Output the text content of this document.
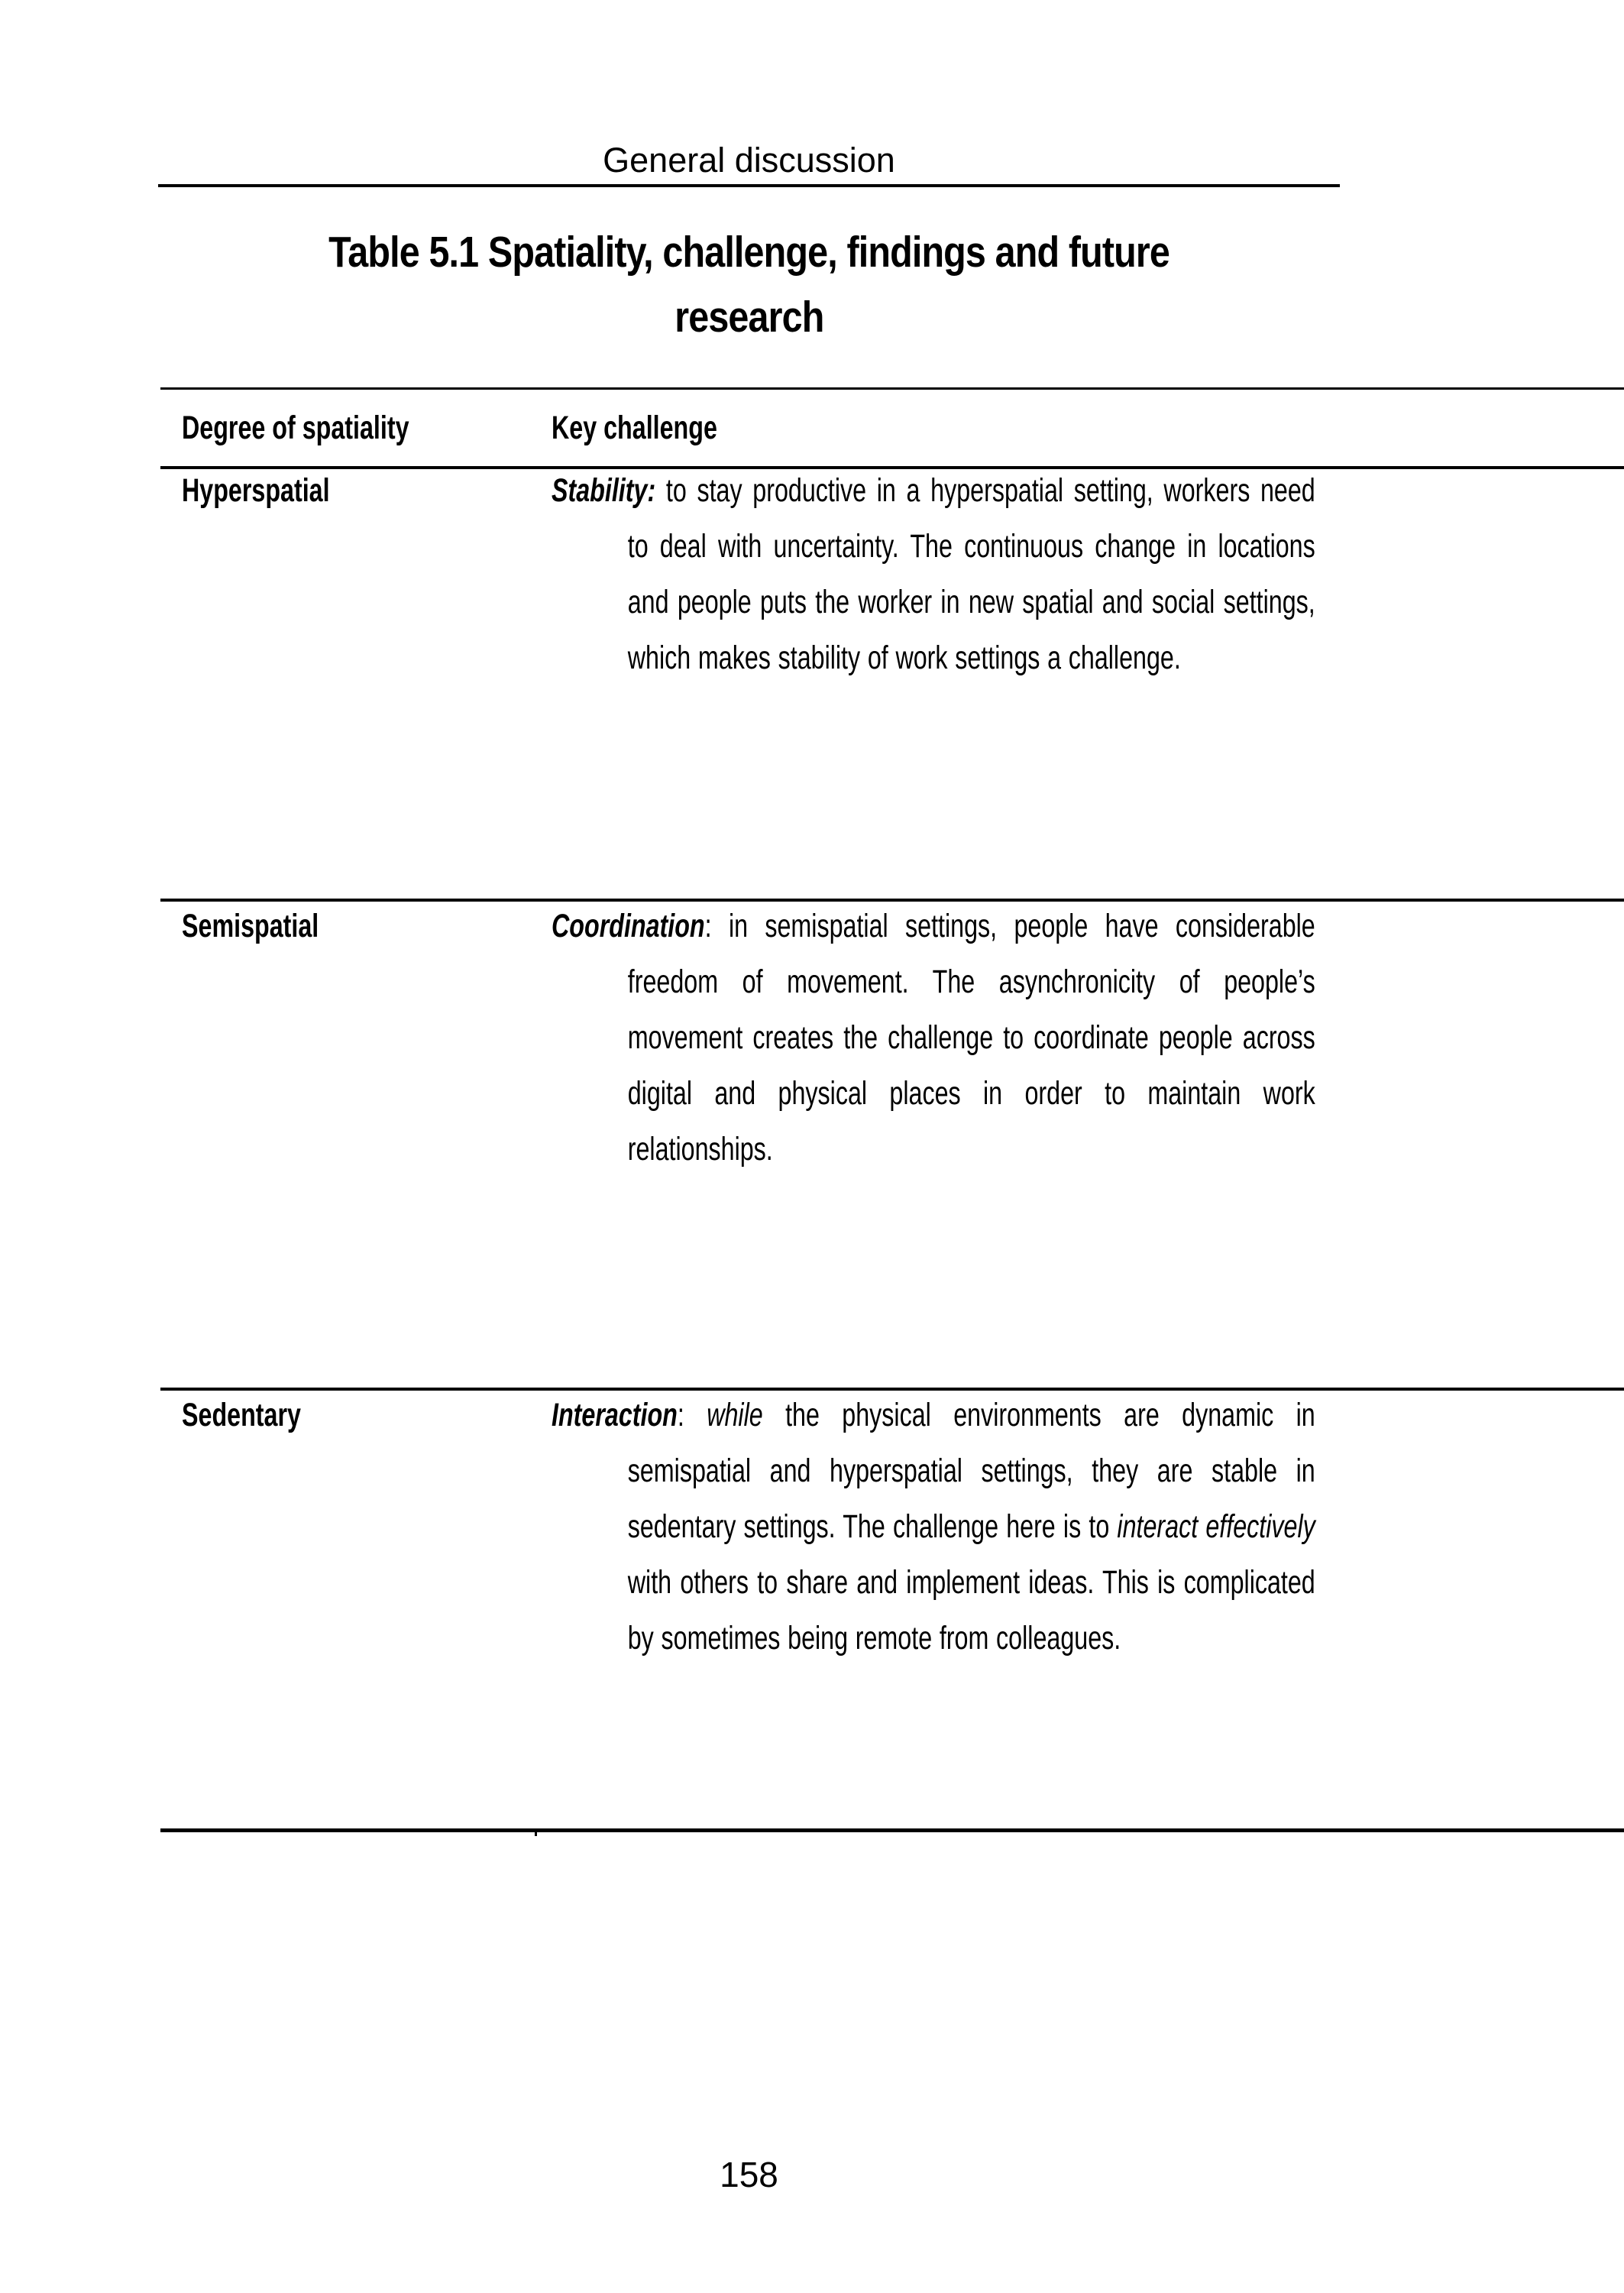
General discussion
Table 5.1 Spatiality, challenge, findings and future
research
Degree of spatiality	Key challenge
Hyperspatial	Stability: to stay productive in a hyperspatial setting, workers need to deal with uncertainty. The continuous change in locations and people puts the worker in new spatial and social settings, which makes stability of work settings a challenge.
Semispatial	Coordination: in semispatial settings, people have considerable freedom of movement. The asynchronicity of people’s movement creates the challenge to coordinate people across digital and physical places in order to maintain work relationships.
Sedentary	Interaction: while the physical environments are dynamic in semispatial and hyperspatial settings, they are stable in sedentary settings. The challenge here is to interact effectively with others to share and implement ideas. This is complicated by sometimes being remote from colleagues.
158
